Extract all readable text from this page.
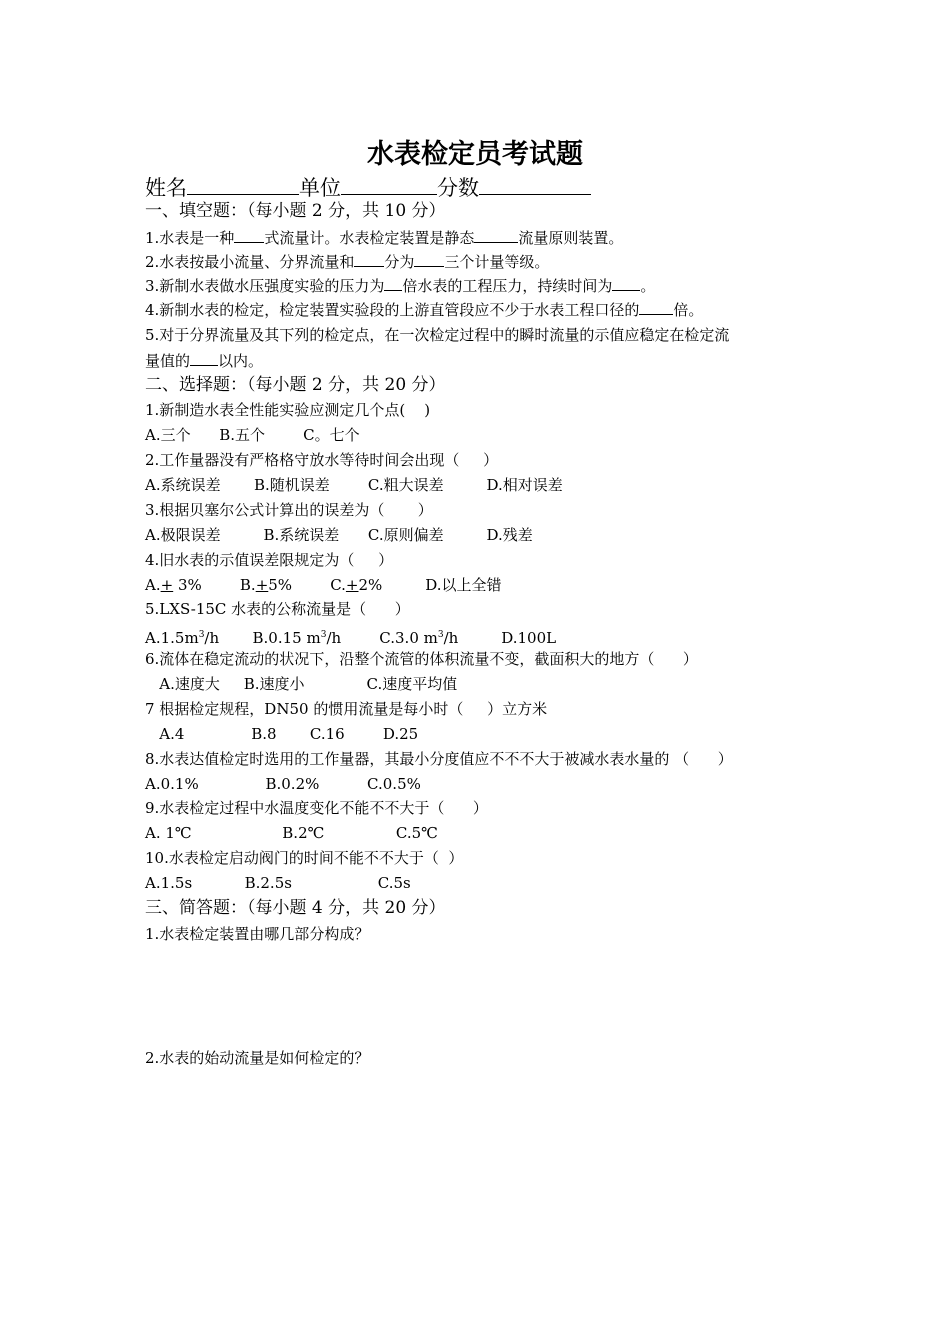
水表检定员考试题
姓名	单位	分数
一、填空题：（每小题 2 分，共 10 分）
1.水表是一种 式流量计。水表检定装置是静态	流量原则装置。
2.水表按最小流量、分界流量和 分为 三个计量等级。
3.新制水表做水压强度实验的压力为 倍水表的工程压力，持续时间为 。
4.新制水表的检定，检定装置实验段的上游直管段应不少于水表工程口径的 倍。
5.对于分界流量及其下列的检定点，在一次检定过程中的瞬时流量的示值应稳定在检定流
量值的 以内。
二、选择题：（每小题 2 分，共 20 分）
1.新制造水表全性能实验应测定几个点(    )
A.三个      B.五个        C。七个
2.工作量器没有严格格守放水等待时间会出现（     ）
A.系统误差       B.随机误差        C.粗大误差         D.相对误差
3.根据贝塞尔公式计算出的误差为（       ）
A.极限误差         B.系统误差      C.原则偏差         D.残差
4.旧水表的示值误差限规定为（     ）
A.+ 3%        B.+5%        C.+2%         D.以上全错
5.LXS-15C 水表的公称流量是（      ）
$A.1.5m^3/h$       B.0.15 $m^3/h$        C.3.0 $m^3/h$         D.100L
6.流体在稳定流动的状况下，沿整个流管的体积流量不变，截面积大的地方（      ）
A.速度大     B.速度小             C.速度平均值
7 根据检定规程，DN50 的惯用流量是每小时（     ）立方米
A.4              B.8       C.16        D.25
8.水表达值检定时选用的工作量器，其最小分度值应不不不大于被减水表水量的 （      ）
A.0.1%              B.0.2%          C.0.5%
9.水表检定过程中水温度变化不能不不大于（      ）
A. 1℃                   B.2℃               C.5℃
10.水表检定启动阀门的时间不能不不大于（  ）
A.1.5s           B.2.5s                  C.5s
三、简答题：（每小题 4 分，共 20 分）
1.水表检定装置由哪几部分构成？
2.水表的始动流量是如何检定的？
